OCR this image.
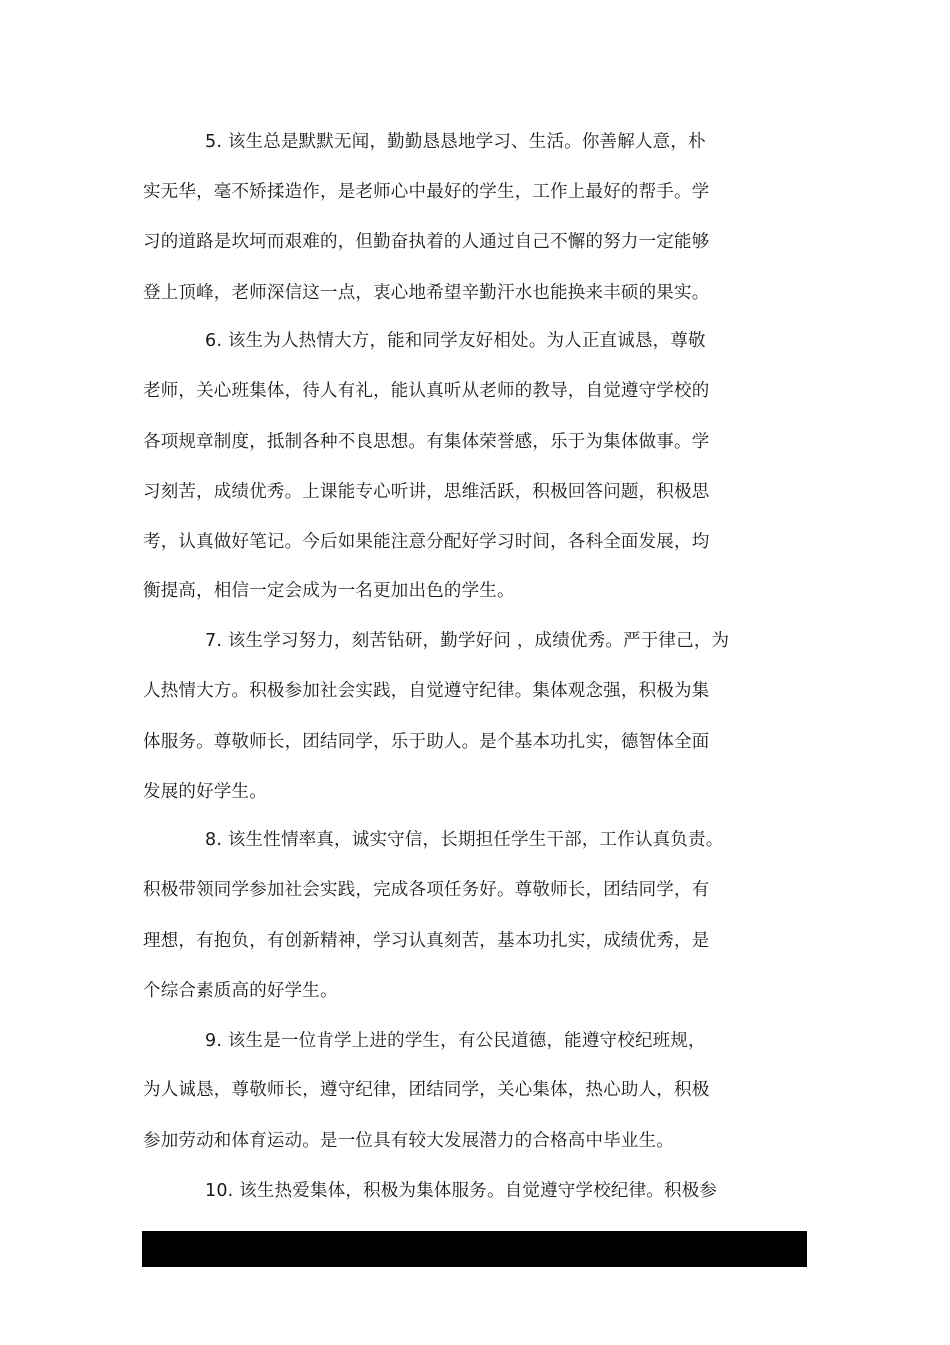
5. 该生总是默默无闻，勤勤恳恳地学习、生活。你善解人意，朴
实无华，毫不矫揉造作，是老师心中最好的学生，工作上最好的帮手。学
习的道路是坎坷而艰难的，但勤奋执着的人通过自己不懈的努力一定能够
登上顶峰，老师深信这一点，衷心地希望辛勤汗水也能换来丰硕的果实。
6. 该生为人热情大方，能和同学友好相处。为人正直诚恳，尊敬
老师，关心班集体，待人有礼，能认真听从老师的教导，自觉遵守学校的
各项规章制度，抵制各种不良思想。有集体荣誉感，乐于为集体做事。学
习刻苦，成绩优秀。上课能专心听讲，思维活跃，积极回答问题，积极思
考，认真做好笔记。今后如果能注意分配好学习时间，各科全面发展，均
衡提高，相信一定会成为一名更加出色的学生。
7. 该生学习努力，刻苦钻研，勤学好问 ，成绩优秀。严于律己，为
人热情大方。积极参加社会实践，自觉遵守纪律。集体观念强，积极为集
体服务。尊敬师长，团结同学，乐于助人。是个基本功扎实，德智体全面
发展的好学生。
8. 该生性情率真，诚实守信，长期担任学生干部，工作认真负责。
积极带领同学参加社会实践，完成各项任务好。尊敬师长，团结同学，有
理想，有抱负，有创新精神，学习认真刻苦，基本功扎实，成绩优秀，是
个综合素质高的好学生。
9. 该生是一位肯学上进的学生，有公民道德，能遵守校纪班规，
为人诚恳，尊敬师长，遵守纪律，团结同学，关心集体，热心助人，积极
参加劳动和体育运动。是一位具有较大发展潜力的合格高中毕业生。
10. 该生热爱集体，积极为集体服务。自觉遵守学校纪律。积极参
